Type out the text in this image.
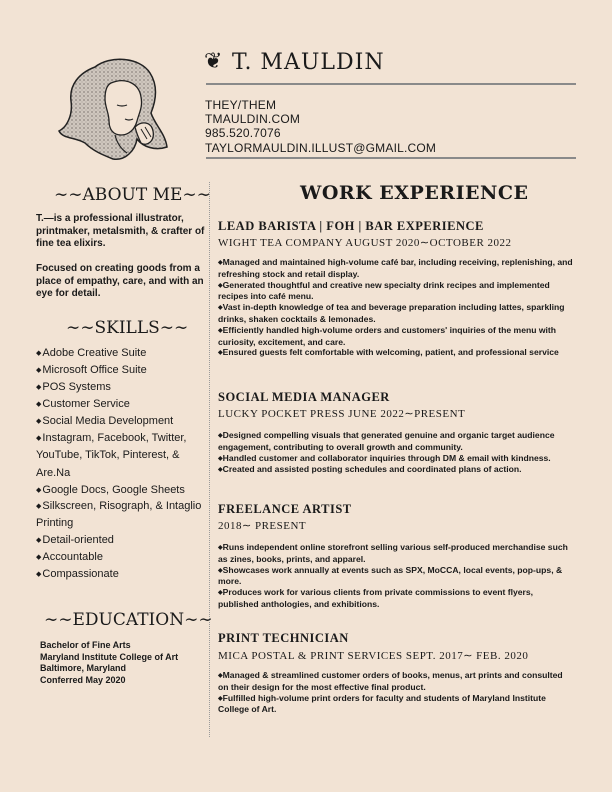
❦ T. MAULDIN
THEY/THEM
TMAULDIN.COM
985.520.7076
TAYLORMAULDIN.ILLUST@GMAIL.COM
∼∼ABOUT ME∼∼
T.—is a professional illustrator, printmaker, metalsmith, & crafter of fine tea elixirs.
Focused on creating goods from a place of empathy, care, and with an eye for detail.
∼∼SKILLS∼∼
◆Adobe Creative Suite
◆Microsoft Office Suite
◆POS Systems
◆Customer Service
◆Social Media Development
◆Instagram, Facebook, Twitter, YouTube, TikTok, Pinterest, & Are.Na
◆Google Docs, Google Sheets
◆Silkscreen, Risograph, & Intaglio Printing
◆Detail-oriented
◆Accountable
◆Compassionate
∼∼EDUCATION∼∼
Bachelor of Fine Arts
Maryland Institute College of Art
Baltimore, Maryland
Conferred May 2020
WORK EXPERIENCE
LEAD BARISTA | FOH | BAR EXPERIENCE
WIGHT TEA COMPANY AUGUST 2020∼OCTOBER 2022
◆Managed and maintained high-volume café bar, including receiving, replenishing, and refreshing stock and retail display.
◆Generated thoughtful and creative new specialty drink recipes and implemented recipes into café menu.
◆Vast in-depth knowledge of tea and beverage preparation including lattes, sparkling drinks, shaken cocktails & lemonades.
◆Efficiently handled high-volume orders and customers' inquiries of the menu with curiosity, excitement, and care.
◆Ensured guests felt comfortable with welcoming, patient, and professional service
SOCIAL MEDIA MANAGER
LUCKY POCKET PRESS JUNE 2022∼PRESENT
◆Designed compelling visuals that generated genuine and organic target audience engagement, contributing to overall growth and community.
◆Handled customer and collaborator inquiries through DM & email with kindness.
◆Created and assisted posting schedules and coordinated plans of action.
FREELANCE ARTIST
2018∼ PRESENT
◆Runs independent online storefront selling various self-produced merchandise such as zines, books, prints, and apparel.
◆Showcases work annually at events such as SPX, MoCCA, local events, pop-ups, & more.
◆Produces work for various clients from private commissions to event flyers, published anthologies, and exhibitions.
PRINT TECHNICIAN
MICA POSTAL & PRINT SERVICES SEPT. 2017∼ FEB. 2020
◆Managed & streamlined customer orders of books, menus, art prints and consulted on their design for the most effective final product.
◆Fulfilled high-volume print orders for faculty and students of Maryland Institute College of Art.
